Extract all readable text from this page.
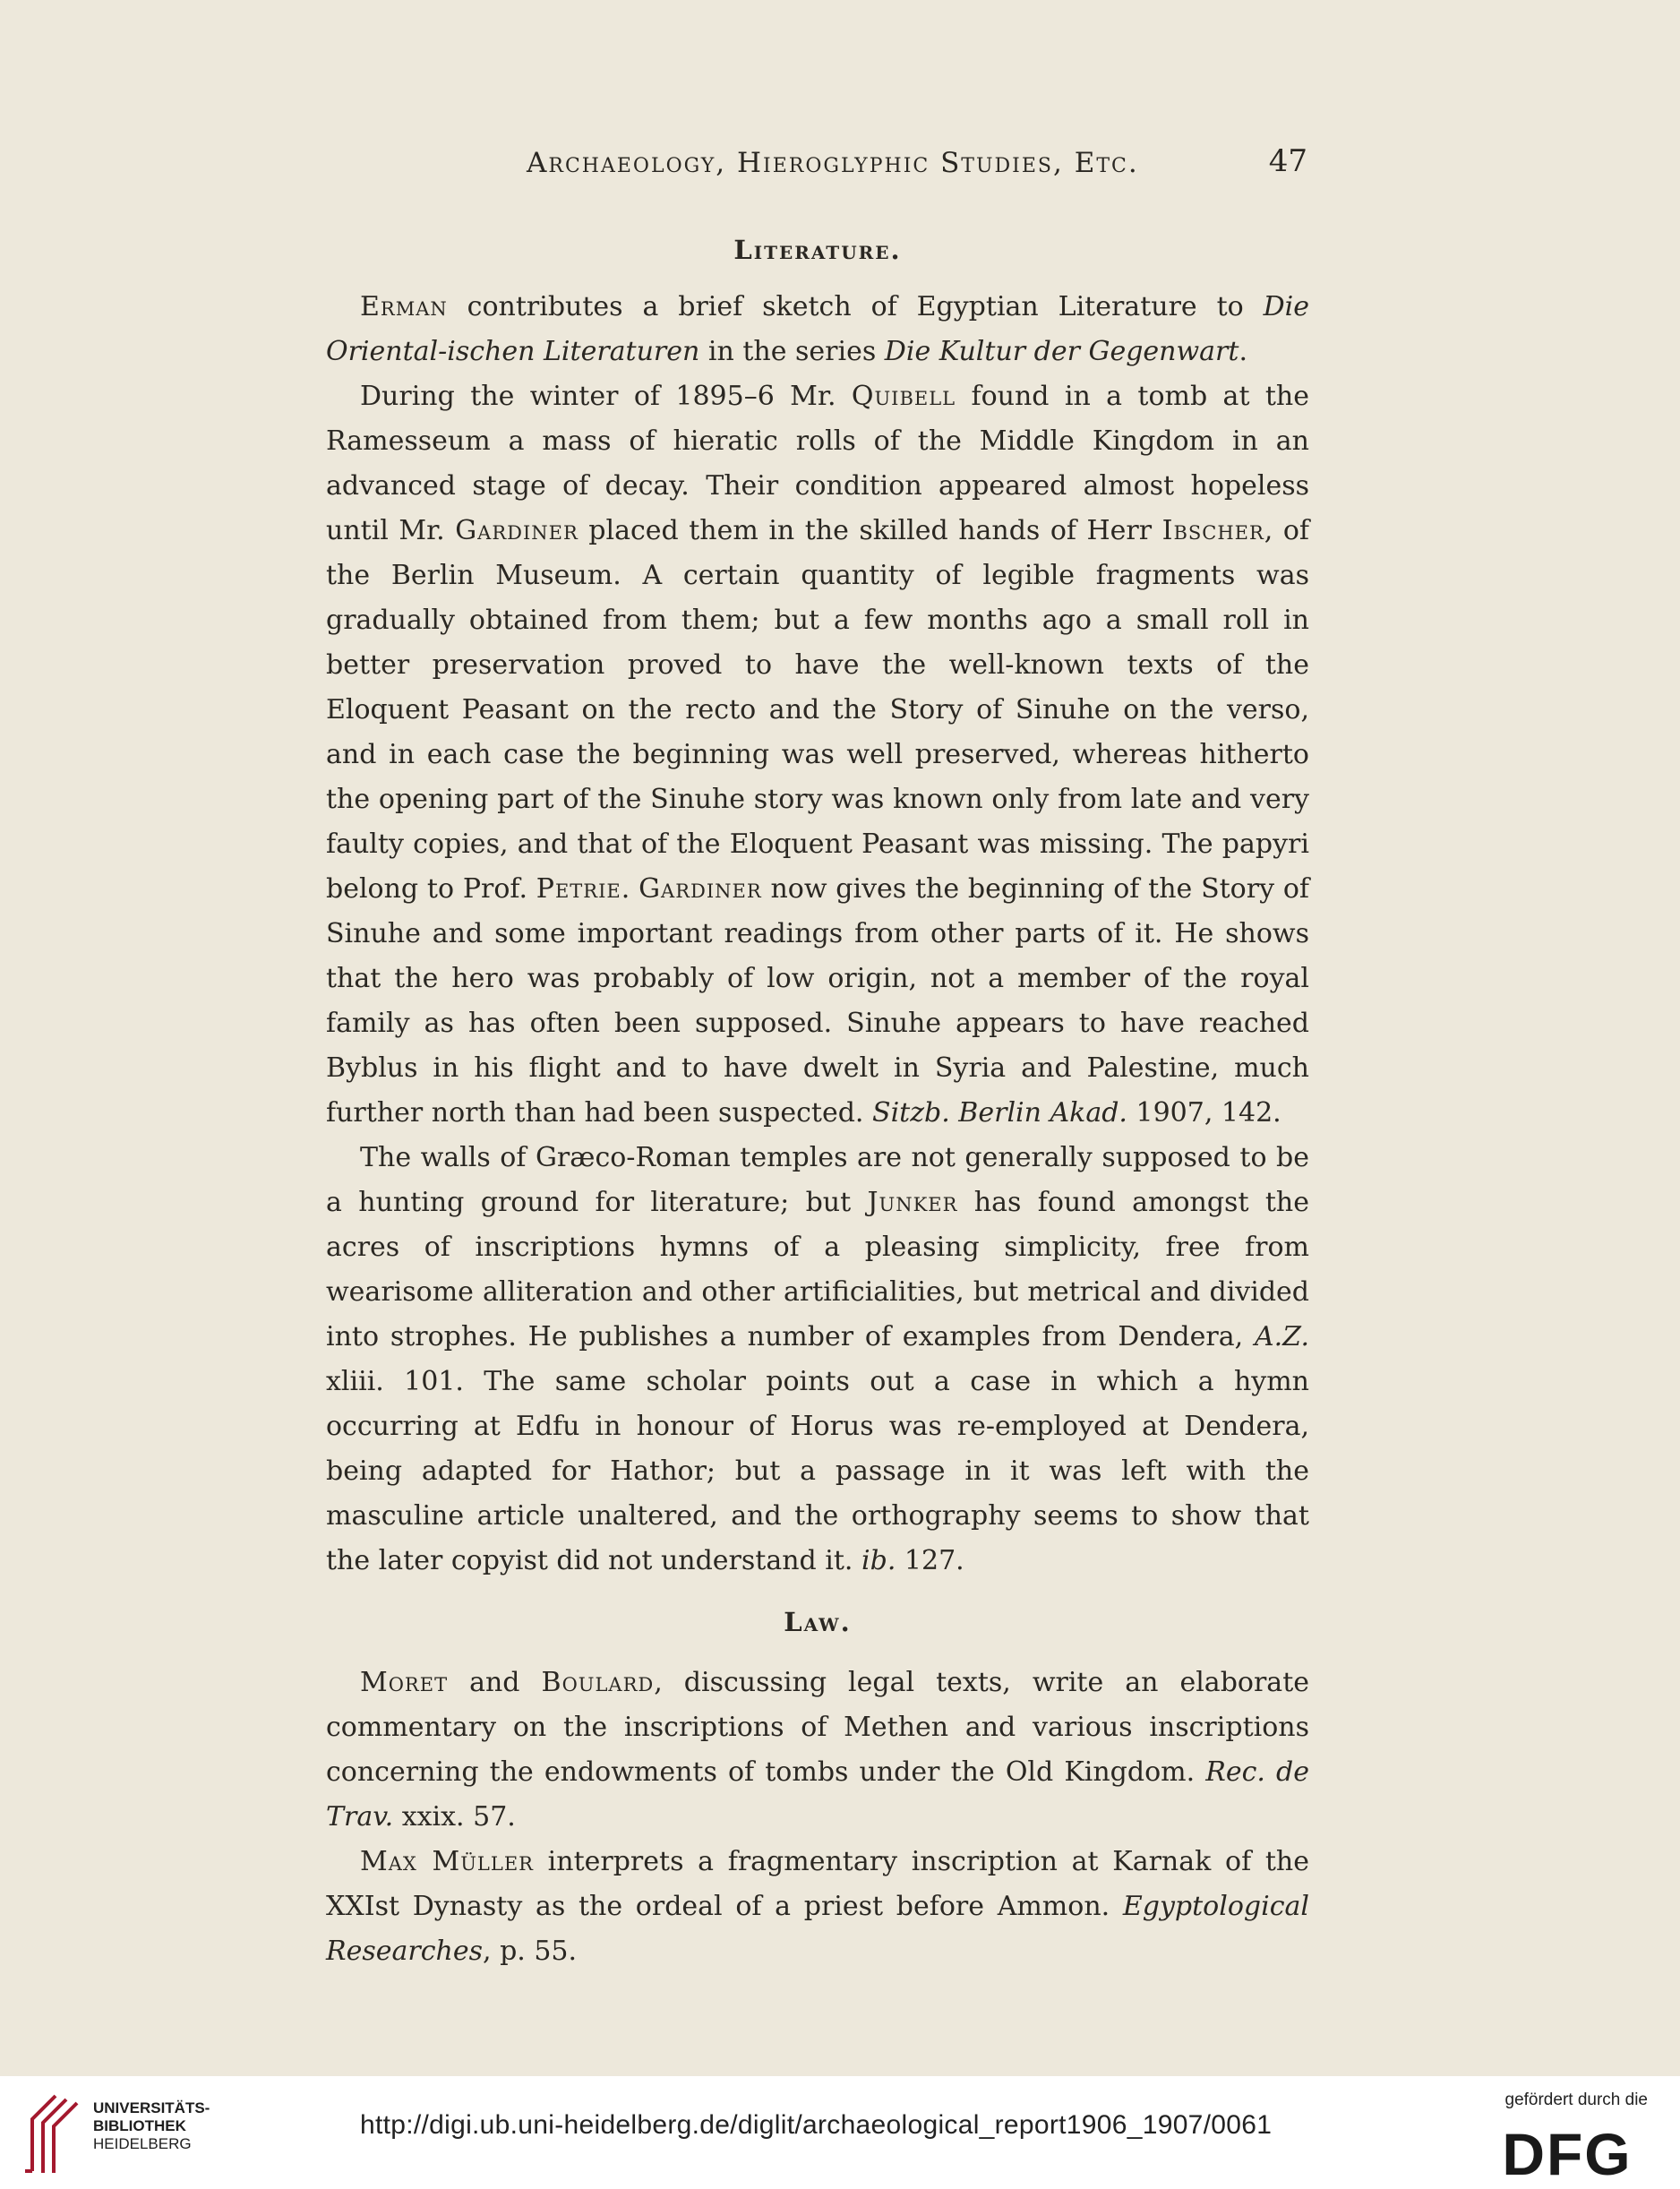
Archaeology, Hieroglyphic Studies, Etc.	47
Literature.

Erman contributes a brief sketch of Egyptian Literature to Die Oriental-ischen Literaturen in the series Die Kultur der Gegenwart.

During the winter of 1895–6 Mr. Quibell found in a tomb at the Ramesseum a mass of hieratic rolls of the Middle Kingdom in an advanced stage of decay. Their condition appeared almost hopeless until Mr. Gardiner placed them in the skilled hands of Herr Ibscher, of the Berlin Museum. A certain quantity of legible fragments was gradually obtained from them; but a few months ago a small roll in better preservation proved to have the well-known texts of the Eloquent Peasant on the recto and the Story of Sinuhe on the verso, and in each case the beginning was well preserved, whereas hitherto the opening part of the Sinuhe story was known only from late and very faulty copies, and that of the Eloquent Peasant was missing. The papyri belong to Prof. Petrie. Gardiner now gives the beginning of the Story of Sinuhe and some important readings from other parts of it. He shows that the hero was probably of low origin, not a member of the royal family as has often been supposed. Sinuhe appears to have reached Byblus in his flight and to have dwelt in Syria and Palestine, much further north than had been suspected. Sitzb. Berlin Akad. 1907, 142.

The walls of Græco-Roman temples are not generally supposed to be a hunting ground for literature; but Junker has found amongst the acres of inscriptions hymns of a pleasing simplicity, free from wearisome alliteration and other artificialities, but metrical and divided into strophes. He publishes a number of examples from Dendera, A.Z. xliii. 101. The same scholar points out a case in which a hymn occurring at Edfu in honour of Horus was re-employed at Dendera, being adapted for Hathor; but a passage in it was left with the masculine article unaltered, and the orthography seems to show that the later copyist did not understand it. ib. 127.

Law.

Moret and Boulard, discussing legal texts, write an elaborate commentary on the inscriptions of Methen and various inscriptions concerning the endowments of tombs under the Old Kingdom. Rec. de Trav. xxix. 57.

Max Müller interprets a fragmentary inscription at Karnak of the XXIst Dynasty as the ordeal of a priest before Ammon. Egyptological Researches, p. 55.

UNIVERSITÄTS-
BIBLIOTHEK
HEIDELBERG
http://digi.ub.uni-heidelberg.de/diglit/archaeological_report1906_1907/0061
gefördert durch die
DFG
